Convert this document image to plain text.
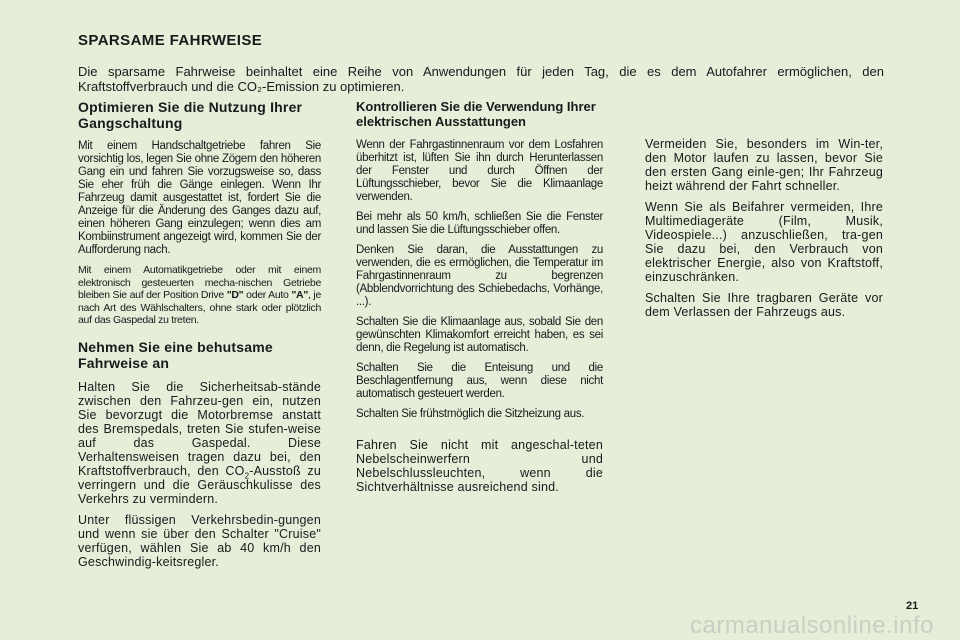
SPARSAME FAHRWEISE

Die sparsame Fahrweise beinhaltet eine Reihe von Anwendungen für jeden Tag, die es dem Autofahrer ermöglichen, den Kraftstoffverbrauch und die CO₂-Emission zu optimieren.

Optimieren Sie die Nutzung Ihrer Gangschaltung

Mit einem Handschaltgetriebe fahren Sie vorsichtig los, legen Sie ohne Zögern den höheren Gang ein und fahren Sie vorzugsweise so, dass Sie eher früh die Gänge einlegen. Wenn Ihr Fahrzeug damit ausgestattet ist, fordert Sie die Anzeige für die Änderung des Ganges dazu auf, einen höheren Gang einzulegen; wenn dies am Kombiinstrument angezeigt wird, kommen Sie der Aufforderung nach.

Mit einem Automatikgetriebe oder mit einem elektronisch gesteuerten mecha-nischen Getriebe bleiben Sie auf der Position Drive "D" oder Auto "A", je nach Art des Wählschalters, ohne stark oder plötzlich auf das Gaspedal zu treten.

Nehmen Sie eine behutsame Fahrweise an

Halten Sie die Sicherheitsab-stände zwischen den Fahrzeu-gen ein, nutzen Sie bevorzugt die Motorbremse anstatt des Bremspedals, treten Sie stufen-weise auf das Gaspedal. Diese Verhaltensweisen tragen dazu bei, den Kraftstoffverbrauch, den $CO_2$-Ausstoß zu verringern und die Geräuschkulisse des Verkehrs zu vermindern.

Unter flüssigen Verkehrsbedin-gungen und wenn sie über den Schalter "Cruise" verfügen, wählen Sie ab 40 km/h den Geschwindig-keitsregler.

Kontrollieren Sie die Verwendung Ihrer elektrischen Ausstattungen

Wenn der Fahrgastinnenraum vor dem Losfahren überhitzt ist, lüften Sie ihn durch Herunterlassen der Fenster und durch Öffnen der Lüftungsschieber, bevor Sie die Klimaanlage verwenden.

Bei mehr als 50 km/h, schließen Sie die Fenster und lassen Sie die Lüftungsschieber offen.

Denken Sie daran, die Ausstattungen zu verwenden, die es ermöglichen, die Temperatur im Fahrgastinnenraum zu begrenzen (Abblendvorrichtung des Schiebedachs, Vorhänge, ...).

Schalten Sie die Klimaanlage aus, sobald Sie den gewünschten Klimakomfort erreicht haben, es sei denn, die Regelung ist automatisch.

Schalten Sie die Enteisung und die Beschlagentfernung aus, wenn diese nicht automatisch gesteuert werden.

Schalten Sie frühstmöglich die Sitzheizung aus.

Fahren Sie nicht mit angeschal-teten Nebelscheinwerfern und Nebelschlussleuchten, wenn die Sichtverhältnisse ausreichend sind.

Vermeiden Sie, besonders im Win-ter, den Motor laufen zu lassen, bevor Sie den ersten Gang einle-gen; Ihr Fahrzeug heizt während der Fahrt schneller.

Wenn Sie als Beifahrer vermeiden, Ihre Multimediageräte (Film, Musik, Videospiele...) anzuschließen, tra-gen Sie dazu bei, den Verbrauch von elektrischer Energie, also von Kraftstoff, einzuschränken.

Schalten Sie Ihre tragbaren Geräte vor dem Verlassen der Fahrzeugs aus.

21

carmanualsonline.info
